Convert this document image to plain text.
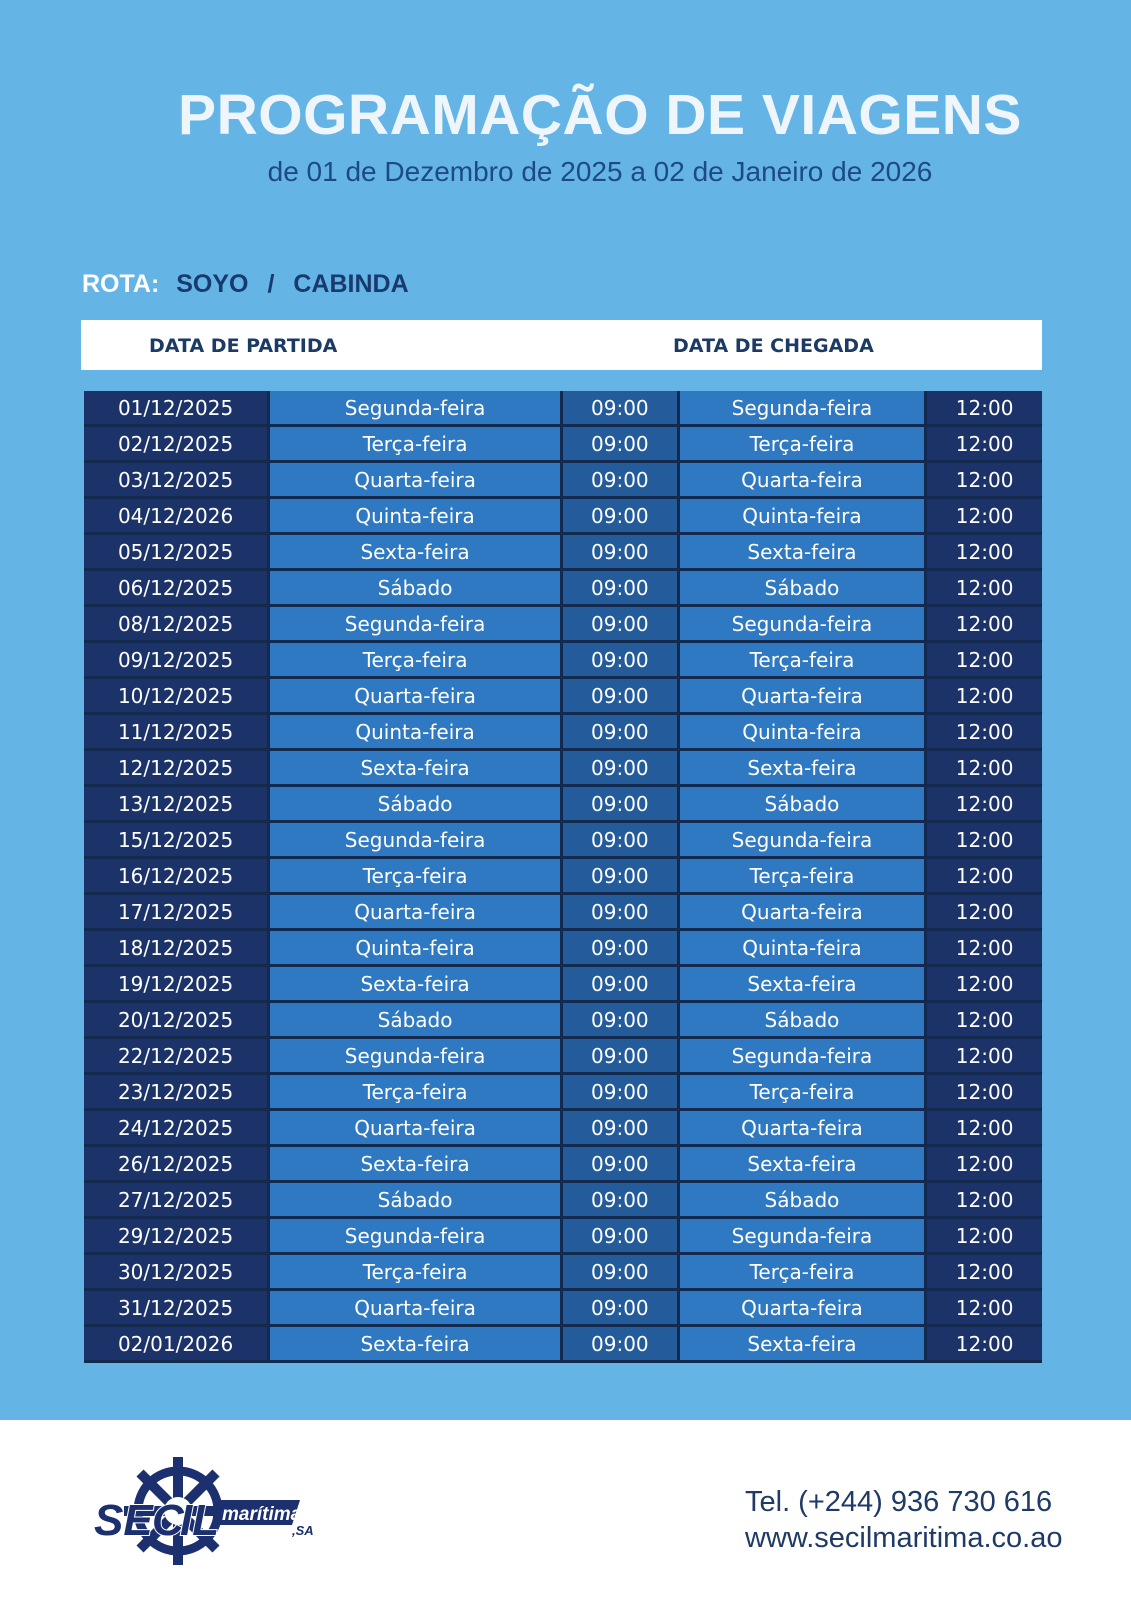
PROGRAMAÇÃO DE VIAGENS
de 01 de Dezembro de 2025 a 02 de Janeiro de 2026
ROTA: SOYO / CABINDA
DATA DE PARTIDA	DATA DE CHEGADA
01/12/2025	Segunda-feira	09:00	Segunda-feira	12:00
02/12/2025	Terça-feira	09:00	Terça-feira	12:00
03/12/2025	Quarta-feira	09:00	Quarta-feira	12:00
04/12/2026	Quinta-feira	09:00	Quinta-feira	12:00
05/12/2025	Sexta-feira	09:00	Sexta-feira	12:00
06/12/2025	Sábado	09:00	Sábado	12:00
08/12/2025	Segunda-feira	09:00	Segunda-feira	12:00
09/12/2025	Terça-feira	09:00	Terça-feira	12:00
10/12/2025	Quarta-feira	09:00	Quarta-feira	12:00
11/12/2025	Quinta-feira	09:00	Quinta-feira	12:00
12/12/2025	Sexta-feira	09:00	Sexta-feira	12:00
13/12/2025	Sábado	09:00	Sábado	12:00
15/12/2025	Segunda-feira	09:00	Segunda-feira	12:00
16/12/2025	Terça-feira	09:00	Terça-feira	12:00
17/12/2025	Quarta-feira	09:00	Quarta-feira	12:00
18/12/2025	Quinta-feira	09:00	Quinta-feira	12:00
19/12/2025	Sexta-feira	09:00	Sexta-feira	12:00
20/12/2025	Sábado	09:00	Sábado	12:00
22/12/2025	Segunda-feira	09:00	Segunda-feira	12:00
23/12/2025	Terça-feira	09:00	Terça-feira	12:00
24/12/2025	Quarta-feira	09:00	Quarta-feira	12:00
26/12/2025	Sexta-feira	09:00	Sexta-feira	12:00
27/12/2025	Sábado	09:00	Sábado	12:00
29/12/2025	Segunda-feira	09:00	Segunda-feira	12:00
30/12/2025	Terça-feira	09:00	Terça-feira	12:00
31/12/2025	Quarta-feira	09:00	Quarta-feira	12:00
02/01/2026	Sexta-feira	09:00	Sexta-feira	12:00
SE C
IL marítima
,SA
Tel. (+244) 936 730 616
www.secilmaritima.co.ao
